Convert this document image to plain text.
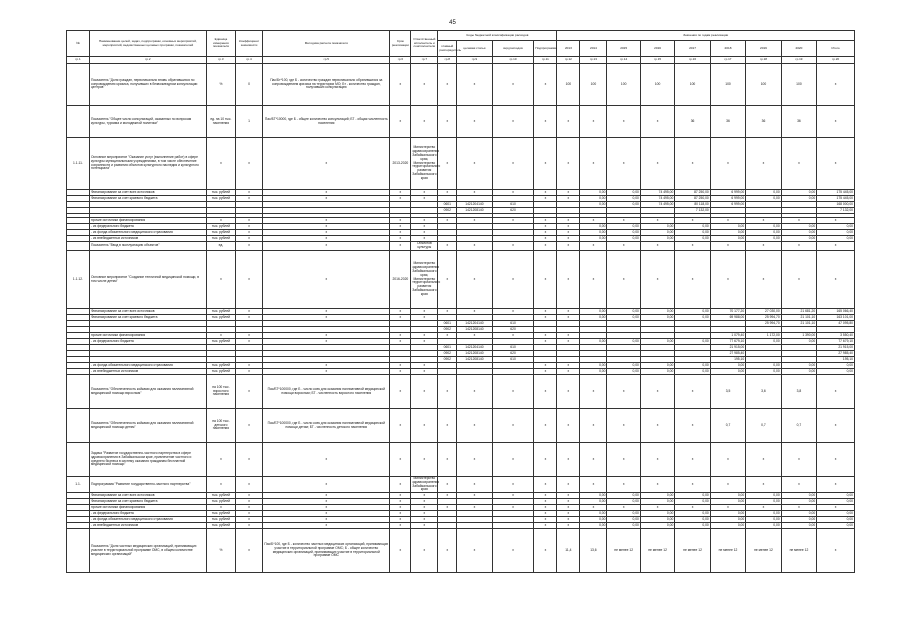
45
№	Наименование целей, задач, подпрограмм, основных мероприятий, мероприятий, ведомственных целевых программ, показателей	Единица измерения показателя	Коэффициент значимости	Методика расчета показателя	Срок реализации	Ответственный исполнитель и соисполнители	Коды бюджетной классификации расходов				Значения по годам реализации								
							главный распорядитель	целевая статья	вид расходов	Подпрограмма	2013	2014	2015	2016	2017	2018	2019	2020	Итого

гр.1	гр.2	гр.3	гр.4	гр.5	гр.6	гр.7	гр.8	гр.9	гр.10	гр.11	гр.12	гр.13	гр.14	гр.15	гр.16	гр.17	гр.18	гр.19	гр.20
	Показатель "Доля граждан, первоначально вновь обратившихся по сопровождению кризиса, получивших в безвозмездном консультации центров"	%	0	Пас/Бт*100, где Б - количество граждан первоначально обратившихся за сопровождением кризиса на территории МО; Бт - количество граждан, получивших консультацию	х	х	х	х	х	х	100	100	100	100	100	100	100	100	х
	Показатель "Общее число консультаций, оказанных по вопросам культуры, туризма и молодежной политики"	ед. на 10 тыс. населения	1	Пас/БТ*10000, где Б - общее количество консультаций; БТ - общая численность населения	х	х	х	х	х	х	х	х	х	х	36	36	36	36	х
1.1.11.	Основное мероприятие "Оказание услуг (выполнение работ) в сфере культуры муниципальными учреждениями, в том числе обеспечение сохранности и развития объектов культурного наследия и культурного потенциала"	х	х	х	2013-2020	Министерство здравоохранения Забайкальского края, Министерство территориального развития Забайкальского края	х	х	х	х	х	х	х	х	х	х	х	х	х
	Финансирование за счет всех источников	тыс. рублей	х	х	х	х	х	х	х	х	х	0,00	0,00	74 495,00	87 250,00	6 999,00	0,00	0,00	175 445,00
	Финансирование за счет краевого бюджета	тыс. рублей	х	х	х	х				х	х	0,00	0,00	74 495,00	87 250,00	6 999,00	0,00	0,00	175 445,00
							0601	1421204140	610			0,00	0,00	74 495,00	80 118,00	6 999,00			168 000,00
							0902	1421208140	620						7 132,00				7 132,00

	прочие источники финансирования	х	х	х	х	х	х	х	х	х	х	х	х	х	х	х	х	х	х
	- из федерального бюджета	тыс. рублей	х	х	х	х				х	х	0,00	0,00	0,00	0,00	0,00	0,00	0,00	0,00
	- из фонда обязательного медицинского страхования	тыс. рублей	х	х	х	х				х	х	0,00	0,00	0,00	0,00	0,00	0,00	0,00	0,00
	- из внебюджетных источников	тыс. рублей	х	х	х	х				х	х	0,00	0,00	0,00	0,00	0,00	0,00	0,00	0,00
	Показатель "Ввод в эксплуатацию объектов"	ед.	х	х	х	Объектов культуры	х	х	х	х	х	х	х	х	х	х	х	х	х
1.1.12.	Основное мероприятие "Создание тепличной медицинской помощи, в том числе детям"	х	х	х	2016-2020	Министерство здравоохранения Забайкальского края, Министерство территориального развития Забайкальского края	х	х	х	х	х	х	х	х	х	х	х	х	х
	Финансирование за счет всех источников	тыс. рублей	х	х	х	х	х	х	х	х	х	0,00	0,00	0,00	0,00	70 177,20	27 030,00	21 681,20	165 066,40
	Финансирование за счет краевого бюджета	тыс. рублей	х	х	х	х				х	х	0,00	0,00	0,00	0,00	69 988,00	25 994,70	21 101,10	163 101,00
							0601	1421204140	610								25 994,70	21 101,10	47 095,80
							0902	1421208140	620										
	прочие источники финансирования	х	х	х	х	х	х	х	х	х	х					1 079,40	1 172,00	1 390,00	3 550,40
	- из федерального бюджета	тыс. рублей	х	х	х	х				х	х	0,00	0,00	0,00	0,00	77 679,10	0,00	0,00	77 679,10
							0601	1421204140	610							21 915,00			21 915,00
							0902	1421208140	620							27 985,40			27 985,40
							0902	1421208140	610							195,10			195,10
	- из фонда обязательного медицинского страхования	тыс. рублей	х	х	х	х				х	х	0,00	0,00	0,00	0,00	0,00	0,00	0,00	0,00
	- из внебюджетных источников	тыс. рублей	х	х	х	х				х	х	0,00	0,00	0,00	0,00	0,00	0,00	0,00	0,00
	Показатель "Обеспеченность койками для оказания паллиативной медицинской помощи взрослым"	на 100 тыс. взрослого населения	х	Пас/БТ*100000, где Б - число коек для оказания паллиативной медицинской помощи взрослым; БТ - численность взрослого населения	х	х	х	х	х	х	х	х	х	х	х	3,5	3,6	3,8	х
	Показатель "Обеспеченность койками для оказания паллиативной медицинской помощи детям"	на 100 тыс. детского населения	х	Пас/БТ*100000, где Б - число коек для оказания паллиативной медицинской помощи детям; БТ - численность детского населения	х	х	х	х	х	х	х	х	х	х	х	0,7	0,7	0,7	х
	Задача "Развитие государственно-частного партнерства в сфере здравоохранения в Забайкальском крае, привлечение частного и среднего бизнеса в систему оказания гражданам бесплатной медицинской помощи"	х	х	х	х	х	х	х	х	х	х	х	х	х	х	х	х	х	х
1.1.	Подпрограмма "Развитие государственно-частного партнерства"	х	х	х	х	Министерство здравоохранения Забайкальского края	х	х	х	х	х	х	х	х	х	х	х	х	х
	Финансирование за счет всех источников	тыс. рублей	х	х	х	х	х	х	х	х	х	0,00	0,00	0,00	0,00	0,00	0,00	0,00	0,00
	Финансирование за счет краевого бюджета	тыс. рублей	х	х	х	х				х	х	0,00	0,00	0,00	0,00	0,00	0,00	0,00	0,00
	прочие источники финансирования	х	х	х	х	х	х	х	х	х	х	х	х	х	х	х	х	х	х
	- из федерального бюджета	тыс. рублей	х	х	х	х				х	х	0,00	0,00	0,00	0,00	0,00	0,00	0,00	0,00
	- из фонда обязательного медицинского страхования	тыс. рублей	х	х	х	х				х	х	0,00	0,00	0,00	0,00	0,00	0,00	0,00	0,00
	- из внебюджетных источников	тыс. рублей	х	х	х	х				х	х	0,00	0,00	0,00	0,00	0,00	0,00	0,00	0,00
	Показатель "Доля частных медицинских организаций, принимающих участие в территориальной программе ОМС, в общем количестве медицинских организаций"	%	х	Пас/Б*100, где Б - количество частных медицинских организаций, принимающих участие в территориальной программе ОМС; Б - общее количество медицинских организаций, принимающих участие в территориальной программе ОМС	х	х	х	х	х	х	11,4	13,6	не менее 12	не менее 12	не менее 12	не менее 12	не менее 12	не менее 12	х
